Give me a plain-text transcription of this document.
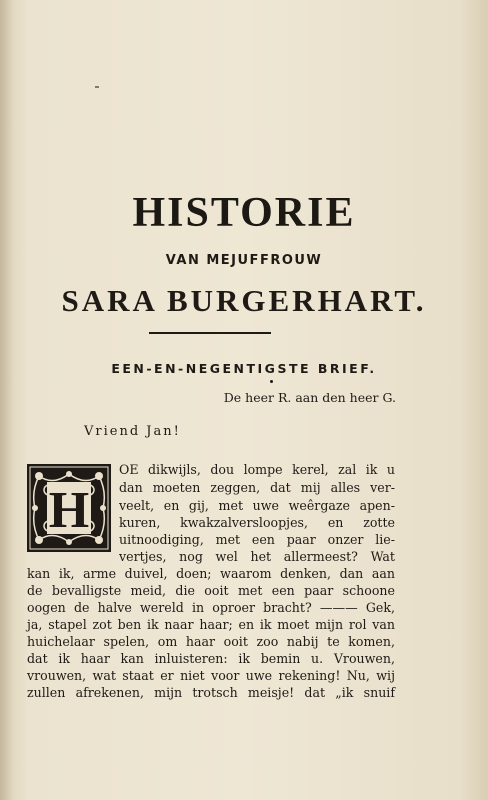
HISTORIE
VAN MEJUFFROUW
SARA BURGERHART.
EEN-EN-NEGENTIGSTE BRIEF.
De heer R. aan den heer G.
Vriend Jan!
H
OE dikwijls, dou lompe kerel, zal ik u
dan moeten zeggen, dat mij alles ver-
veelt, en gij, met uwe weêrgaze apen-
kuren, kwakzalversloopjes, en zotte
uitnoodiging, met een paar onzer lie-
vertjes, nog wel het allermeest? Wat
kan ik, arme duivel, doen; waarom denken, dan aan
de bevalligste meid, die ooit met een paar schoone
oogen de halve wereld in oproer bracht? ——— Gek,
ja, stapel zot ben ik naar haar; en ik moet mijn rol van
huichelaar spelen, om haar ooit zoo nabij te komen,
dat ik haar kan inluisteren: ik bemin u. Vrouwen,
vrouwen, wat staat er niet voor uwe rekening! Nu, wij
zullen afrekenen, mijn trotsch meisje! dat „ik snuif
